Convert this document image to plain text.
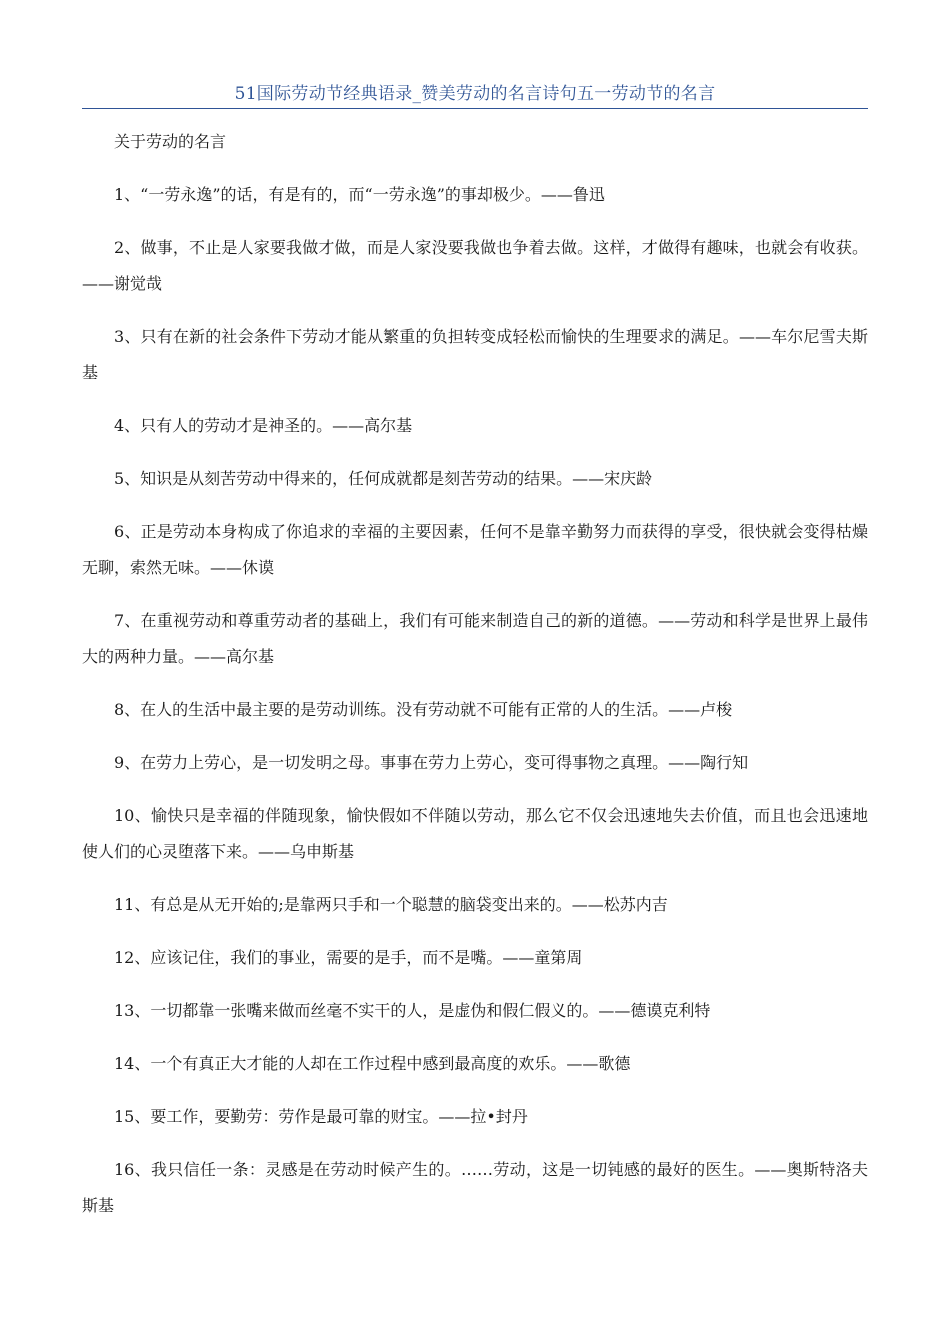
51国际劳动节经典语录_赞美劳动的名言诗句五一劳动节的名言

关于劳动的名言

1、“一劳永逸”的话，有是有的，而“一劳永逸”的事却极少。——鲁迅

2、做事，不止是人家要我做才做，而是人家没要我做也争着去做。这样，才做得有趣味，也就会有收获。——谢觉哉

3、只有在新的社会条件下劳动才能从繁重的负担转变成轻松而愉快的生理要求的满足。——车尔尼雪夫斯基

4、只有人的劳动才是神圣的。——高尔基

5、知识是从刻苦劳动中得来的，任何成就都是刻苦劳动的结果。——宋庆龄

6、正是劳动本身构成了你追求的幸福的主要因素，任何不是靠辛勤努力而获得的享受，很快就会变得枯燥无聊，索然无味。——休谟

7、在重视劳动和尊重劳动者的基础上，我们有可能来制造自己的新的道德。——劳动和科学是世界上最伟大的两种力量。——高尔基

8、在人的生活中最主要的是劳动训练。没有劳动就不可能有正常的人的生活。——卢梭

9、在劳力上劳心，是一切发明之母。事事在劳力上劳心，变可得事物之真理。——陶行知

10、愉快只是幸福的伴随现象，愉快假如不伴随以劳动，那么它不仅会迅速地失去价值，而且也会迅速地使人们的心灵堕落下来。——乌申斯基

11、有总是从无开始的;是靠两只手和一个聪慧的脑袋变出来的。——松苏内吉

12、应该记住，我们的事业，需要的是手，而不是嘴。——童第周

13、一切都靠一张嘴来做而丝毫不实干的人，是虚伪和假仁假义的。——德谟克利特

14、一个有真正大才能的人却在工作过程中感到最高度的欢乐。——歌德

15、要工作，要勤劳：劳作是最可靠的财宝。——拉•封丹

16、我只信任一条：灵感是在劳动时候产生的。……劳动，这是一切钝感的最好的医生。——奥斯特洛夫斯基
